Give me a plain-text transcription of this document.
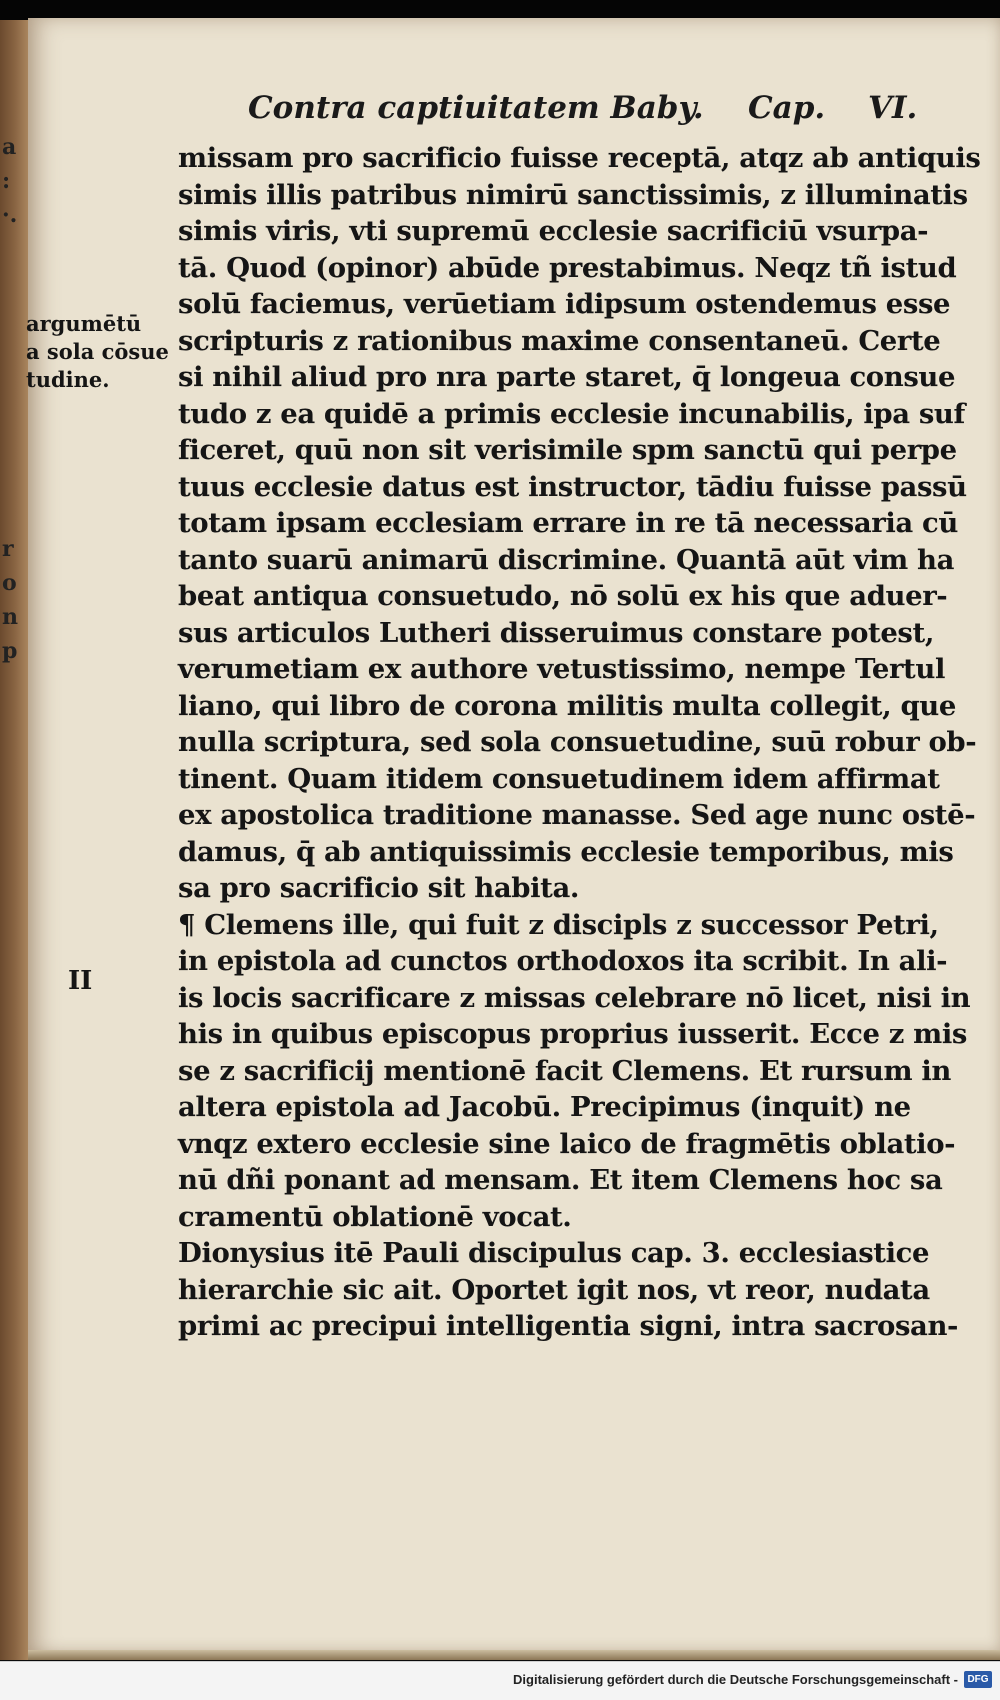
a
:
·.
r
o
n
p
Contra captiuitatem Baby. Cap. VI.
argumētū
a sola cōsue
tudine.
II
missam pro sacrificio fuisse receptā, atqz ab antiquis
simis illis patribus nimirū sanctissimis, z illuminatis
simis viris, vti supremū ecclesie sacrificiū vsurpa-
tā. Quod (opinor) abūde prestabimus. Neqz tñ istud
solū faciemus, verūetiam idipsum ostendemus esse
scripturis z rationibus maxime consentaneū. Certe
si nihil aliud pro nra parte staret, q̄ longeua consue
tudo z ea quidē a primis ecclesie incunabilis, ipa suf
ficeret, quū non sit verisimile spm sanctū qui perpe
tuus ecclesie datus est instructor, tādiu fuisse passū
totam ipsam ecclesiam errare in re tā necessaria cū
tanto suarū animarū discrimine. Quantā aūt vim ha
beat antiqua consuetudo, nō solū ex his que aduer-
sus articulos Lutheri disseruimus constare potest,
verumetiam ex authore vetustissimo, nempe Tertul
liano, qui libro de corona militis multa collegit, que
nulla scriptura, sed sola consuetudine, suū robur ob-
tinent. Quam itidem consuetudinem idem affirmat
ex apostolica traditione manasse. Sed age nunc ostē-
damus, q̄ ab antiquissimis ecclesie temporibus, mis
sa pro sacrificio sit habita.
¶ Clemens ille, qui fuit z discipls z successor Petri,
in epistola ad cunctos orthodoxos ita scribit. In ali-
is locis sacrificare z missas celebrare nō licet, nisi in
his in quibus episcopus proprius iusserit. Ecce z mis
se z sacrificij mentionē facit Clemens. Et rursum in
altera epistola ad Jacobū. Precipimus (inquit) ne
vnqz extero ecclesie sine laico de fragmētis oblatio-
nū dñi ponant ad mensam. Et item Clemens hoc sa
cramentū oblationē vocat.
Dionysius itē Pauli discipulus cap. 3. ecclesiastice
hierarchie sic ait. Oportet igit nos, vt reor, nudata
primi ac precipui intelligentia signi, intra sacrosan-
Digitalisierung gefördert durch die Deutsche Forschungsgemeinschaft - DFG
